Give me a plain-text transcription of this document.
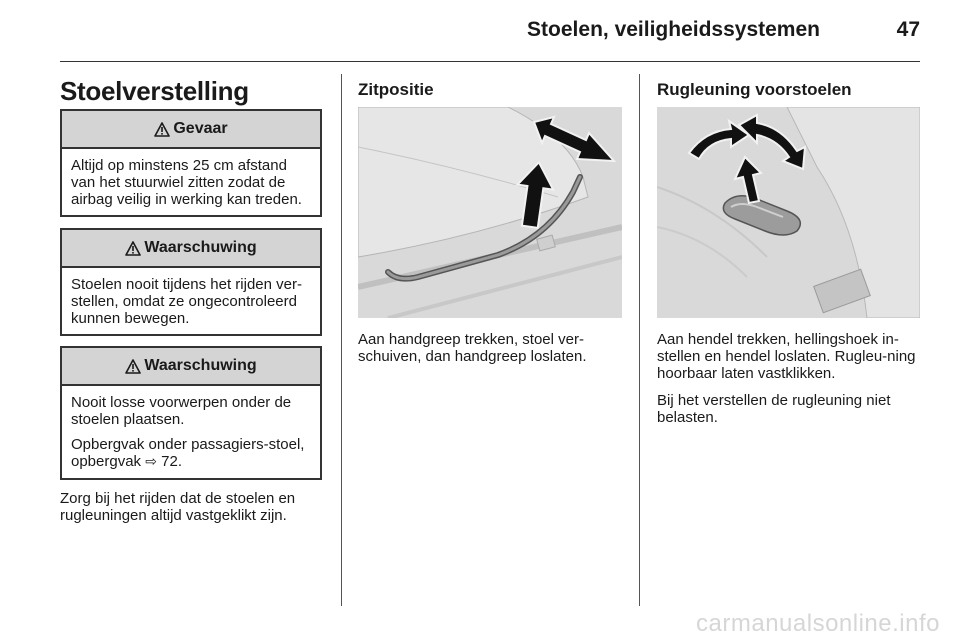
Stoelen, veiligheidssystemen	47
Stoelverstelling
Gevaar

Altijd op minstens 25 cm afstand van het stuurwiel zitten zodat de airbag veilig in werking kan treden.

Waarschuwing

Stoelen nooit tijdens het rijden ver-stellen, omdat ze ongecontroleerd kunnen bewegen.

Waarschuwing

Nooit losse voorwerpen onder de stoelen plaatsen.

Opbergvak onder passagiers-stoel, opbergvak ⇨ 72.

Zorg bij het rijden dat de stoelen en rugleuningen altijd vastgeklikt zijn.

Zitpositie

Aan handgreep trekken, stoel ver-schuiven, dan handgreep loslaten.

Rugleuning voorstoelen

Aan hendel trekken, hellingshoek in-stellen en hendel loslaten. Rugleu-ning hoorbaar laten vastklikken.

Bij het verstellen de rugleuning niet belasten.

carmanualsonline.info
